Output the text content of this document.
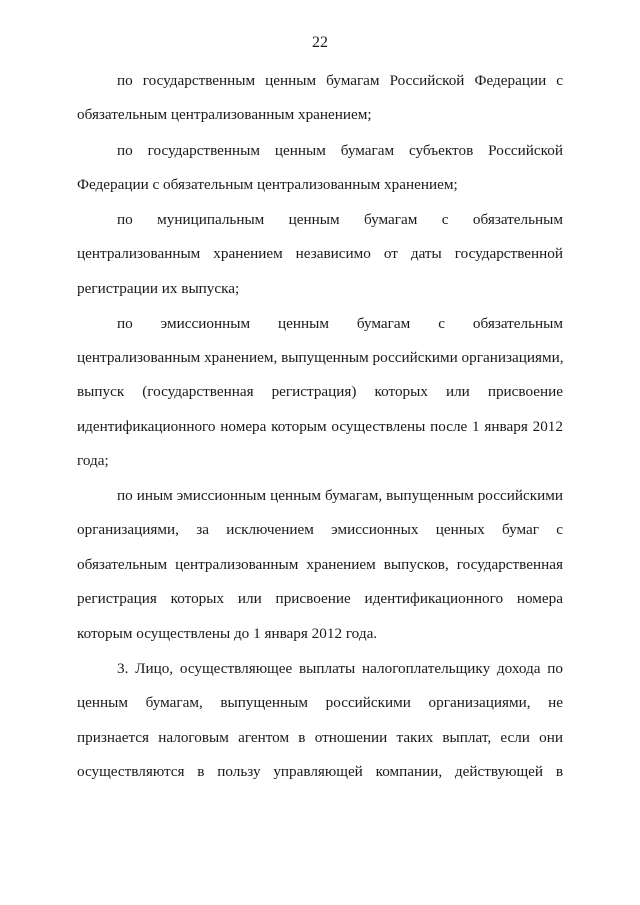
22
по государственным ценным бумагам Российской Федерации с
обязательным централизованным хранением;
по государственным ценным бумагам субъектов Российской
Федерации с обязательным централизованным хранением;
по муниципальным ценным бумагам с обязательным
централизованным хранением независимо от даты государственной
регистрации их выпуска;
по эмиссионным ценным бумагам с обязательным
централизованным хранением, выпущенным российскими организациями,
выпуск (государственная регистрация) которых или присвоение
идентификационного номера которым осуществлены после 1 января 2012
года;
по иным эмиссионным ценным бумагам, выпущенным российскими
организациями, за исключением эмиссионных ценных бумаг с
обязательным централизованным хранением выпусков, государственная
регистрация которых или присвоение идентификационного номера
которым осуществлены до 1 января 2012 года.
3. Лицо, осуществляющее выплаты налогоплательщику дохода по
ценным бумагам, выпущенным российскими организациями, не
признается налоговым агентом в отношении таких выплат, если они
осуществляются в пользу управляющей компании, действующей в
